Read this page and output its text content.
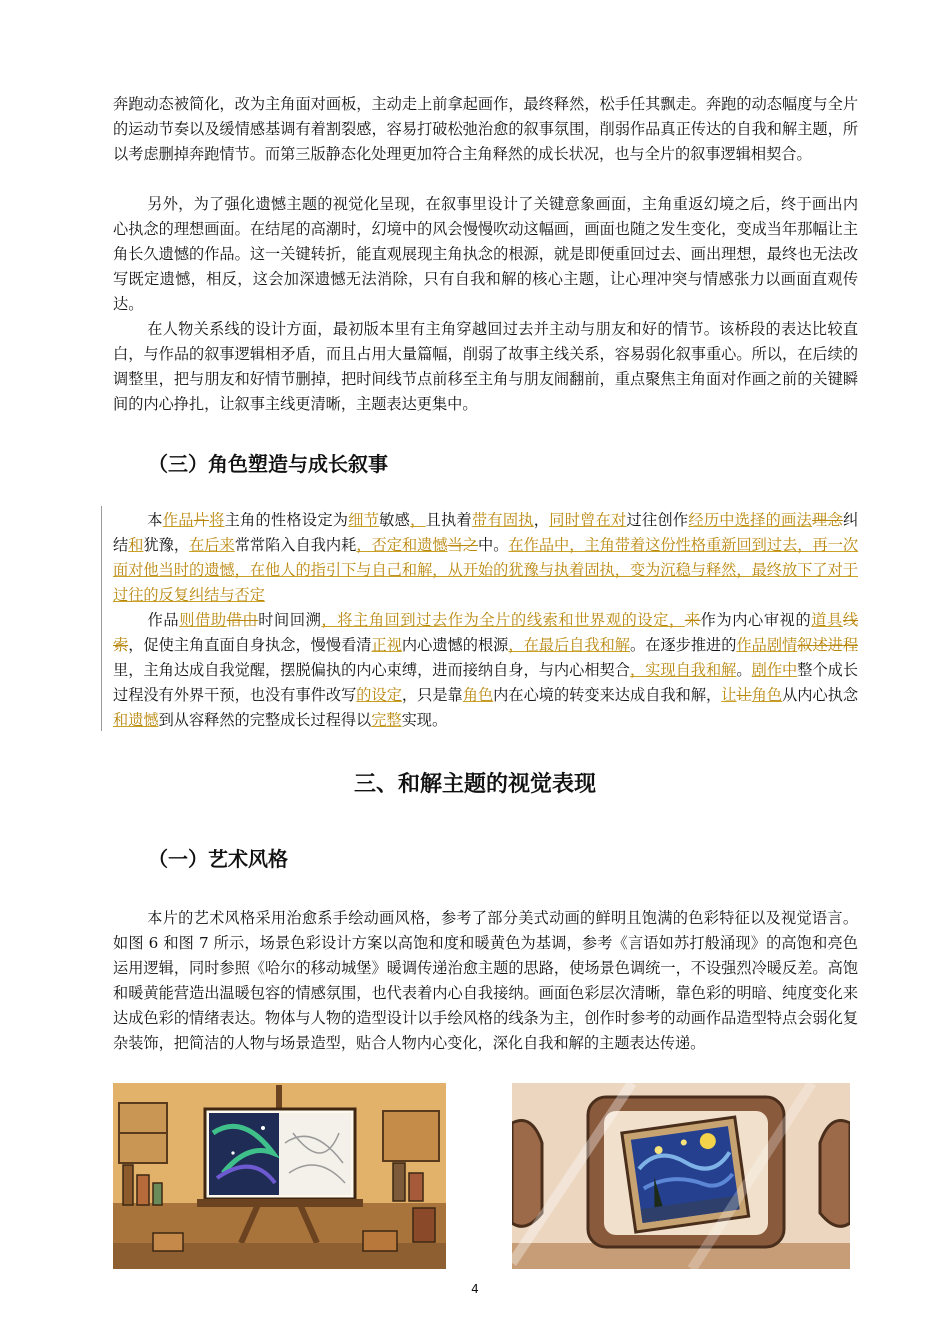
奔跑动态被简化，改为主角面对画板，主动走上前拿起画作，最终释然，松手任其飘走。奔跑的动态幅度与全片的运动节奏以及缓情感基调有着割裂感，容易打破松弛治愈的叙事氛围，削弱作品真正传达的自我和解主题，所以考虑删掉奔跑情节。而第三版静态化处理更加符合主角释然的成长状况，也与全片的叙事逻辑相契合。

另外，为了强化遗憾主题的视觉化呈现，在叙事里设计了关键意象画面，主角重返幻境之后，终于画出内心执念的理想画面。在结尾的高潮时，幻境中的风会慢慢吹动这幅画，画面也随之发生变化，变成当年那幅让主角长久遗憾的作品。这一关键转折，能直观展现主角执念的根源，就是即便重回过去、画出理想，最终也无法改写既定遗憾，相反，这会加深遗憾无法消除，只有自我和解的核心主题，让心理冲突与情感张力以画面直观传达。

在人物关系线的设计方面，最初版本里有主角穿越回过去并主动与朋友和好的情节。该桥段的表达比较直白，与作品的叙事逻辑相矛盾，而且占用大量篇幅，削弱了故事主线关系，容易弱化叙事重心。所以，在后续的调整里，把与朋友和好情节删掉，把时间线节点前移至主角与朋友闹翻前，重点聚焦主角面对作画之前的关键瞬间的内心挣扎，让叙事主线更清晰，主题表达更集中。

（三）角色塑造与成长叙事

本作品片将主角的性格设定为细节敏感，且执着带有固执，同时曾在对过往创作经历中选择的画法理念纠结和犹豫，在后来常常陷入自我内耗，否定和遗憾当之中。在作品中，主角带着这份性格重新回到过去，再一次面对他当时的遗憾，在他人的指引下与自己和解，从开始的犹豫与执着固执，变为沉稳与释然，最终放下了对于过往的反复纠结与否定

作品则借助借由时间回溯，将主角回到过去作为全片的线索和世界观的设定，来作为内心审视的道具线索，促使主角直面自身执念，慢慢看清正视内心遗憾的根源，在最后自我和解。在逐步推进的作品剧情叙述进程里，主角达成自我觉醒，摆脱偏执的内心束缚，进而接纳自身，与内心相契合，实现自我和解。剧作中整个成长过程没有外界干预，也没有事件改写的设定，只是靠角色内在心境的转变来达成自我和解，让让角色从内心执念和遗憾到从容释然的完整成长过程得以完整实现。

三、和解主题的视觉表现
（一）艺术风格

本片的艺术风格采用治愈系手绘动画风格，参考了部分美式动画的鲜明且饱满的色彩特征以及视觉语言。如图 6 和图 7 所示，场景色彩设计方案以高饱和度和暖黄色为基调，参考《言语如苏打般涌现》的高饱和亮色运用逻辑，同时参照《哈尔的移动城堡》暖调传递治愈主题的思路，使场景色调统一，不设强烈冷暖反差。高饱和暖黄能营造出温暖包容的情感氛围，也代表着内心自我接纳。画面色彩层次清晰，靠色彩的明暗、纯度变化来达成色彩的情绪表达。物体与人物的造型设计以手绘风格的线条为主，创作时参考的动画作品造型特点会弱化复杂装饰，把简洁的人物与场景造型，贴合人物内心变化，深化自我和解的主题表达传递。

4
